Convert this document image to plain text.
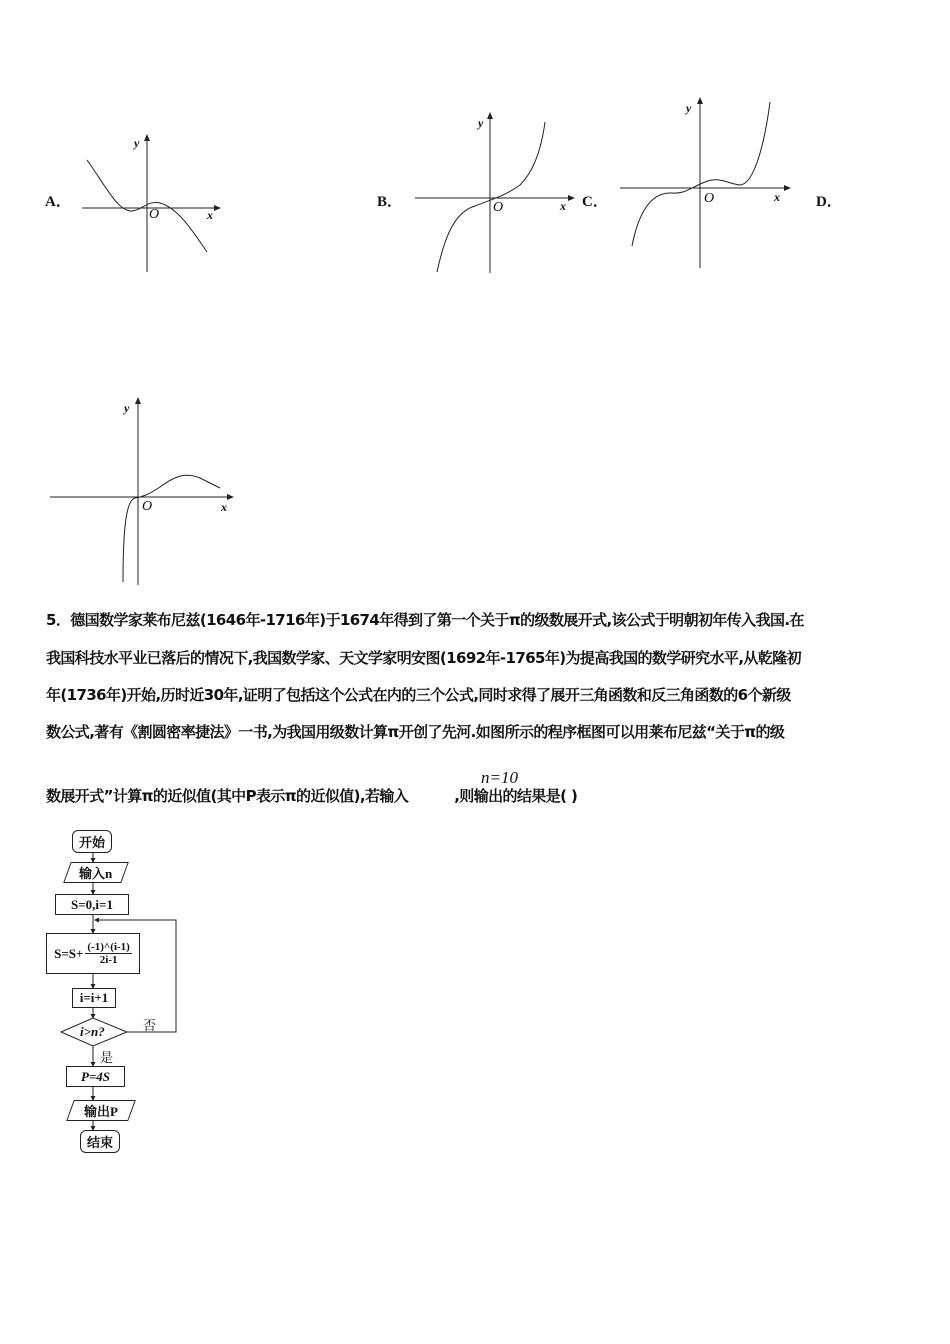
A．
y
O	x
B．
y
O	x C．
y
O	x D．
y
O	x
5．德国数学家莱布尼兹(1646年-1716年)于1674年得到了第一个关于π的级数展开式,该公式于明朝初年传入我国.在
我国科技水平业已落后的情况下,我国数学家、天文学家明安图(1692年-1765年)为提高我国的数学研究水平,从乾隆初
年(1736年)开始,历时近30年,证明了包括这个公式在内的三个公式,同时求得了展开三角函数和反三角函数的6个新级
数公式,著有《割圆密率捷法》一书,为我国用级数计算π开创了先河.如图所示的程序框图可以用莱布尼兹“关于π的级
数展开式”计算π的近似值(其中P表示π的近似值),若输入	,则输出的结果是( )
n=10
开始
输入n
S=0,i=1
$S=S+ \frac{(-1)\^{}(i-1)}{2i-1}$
i=i+1
i>n?	否
是
P=4S
输出P
结束
